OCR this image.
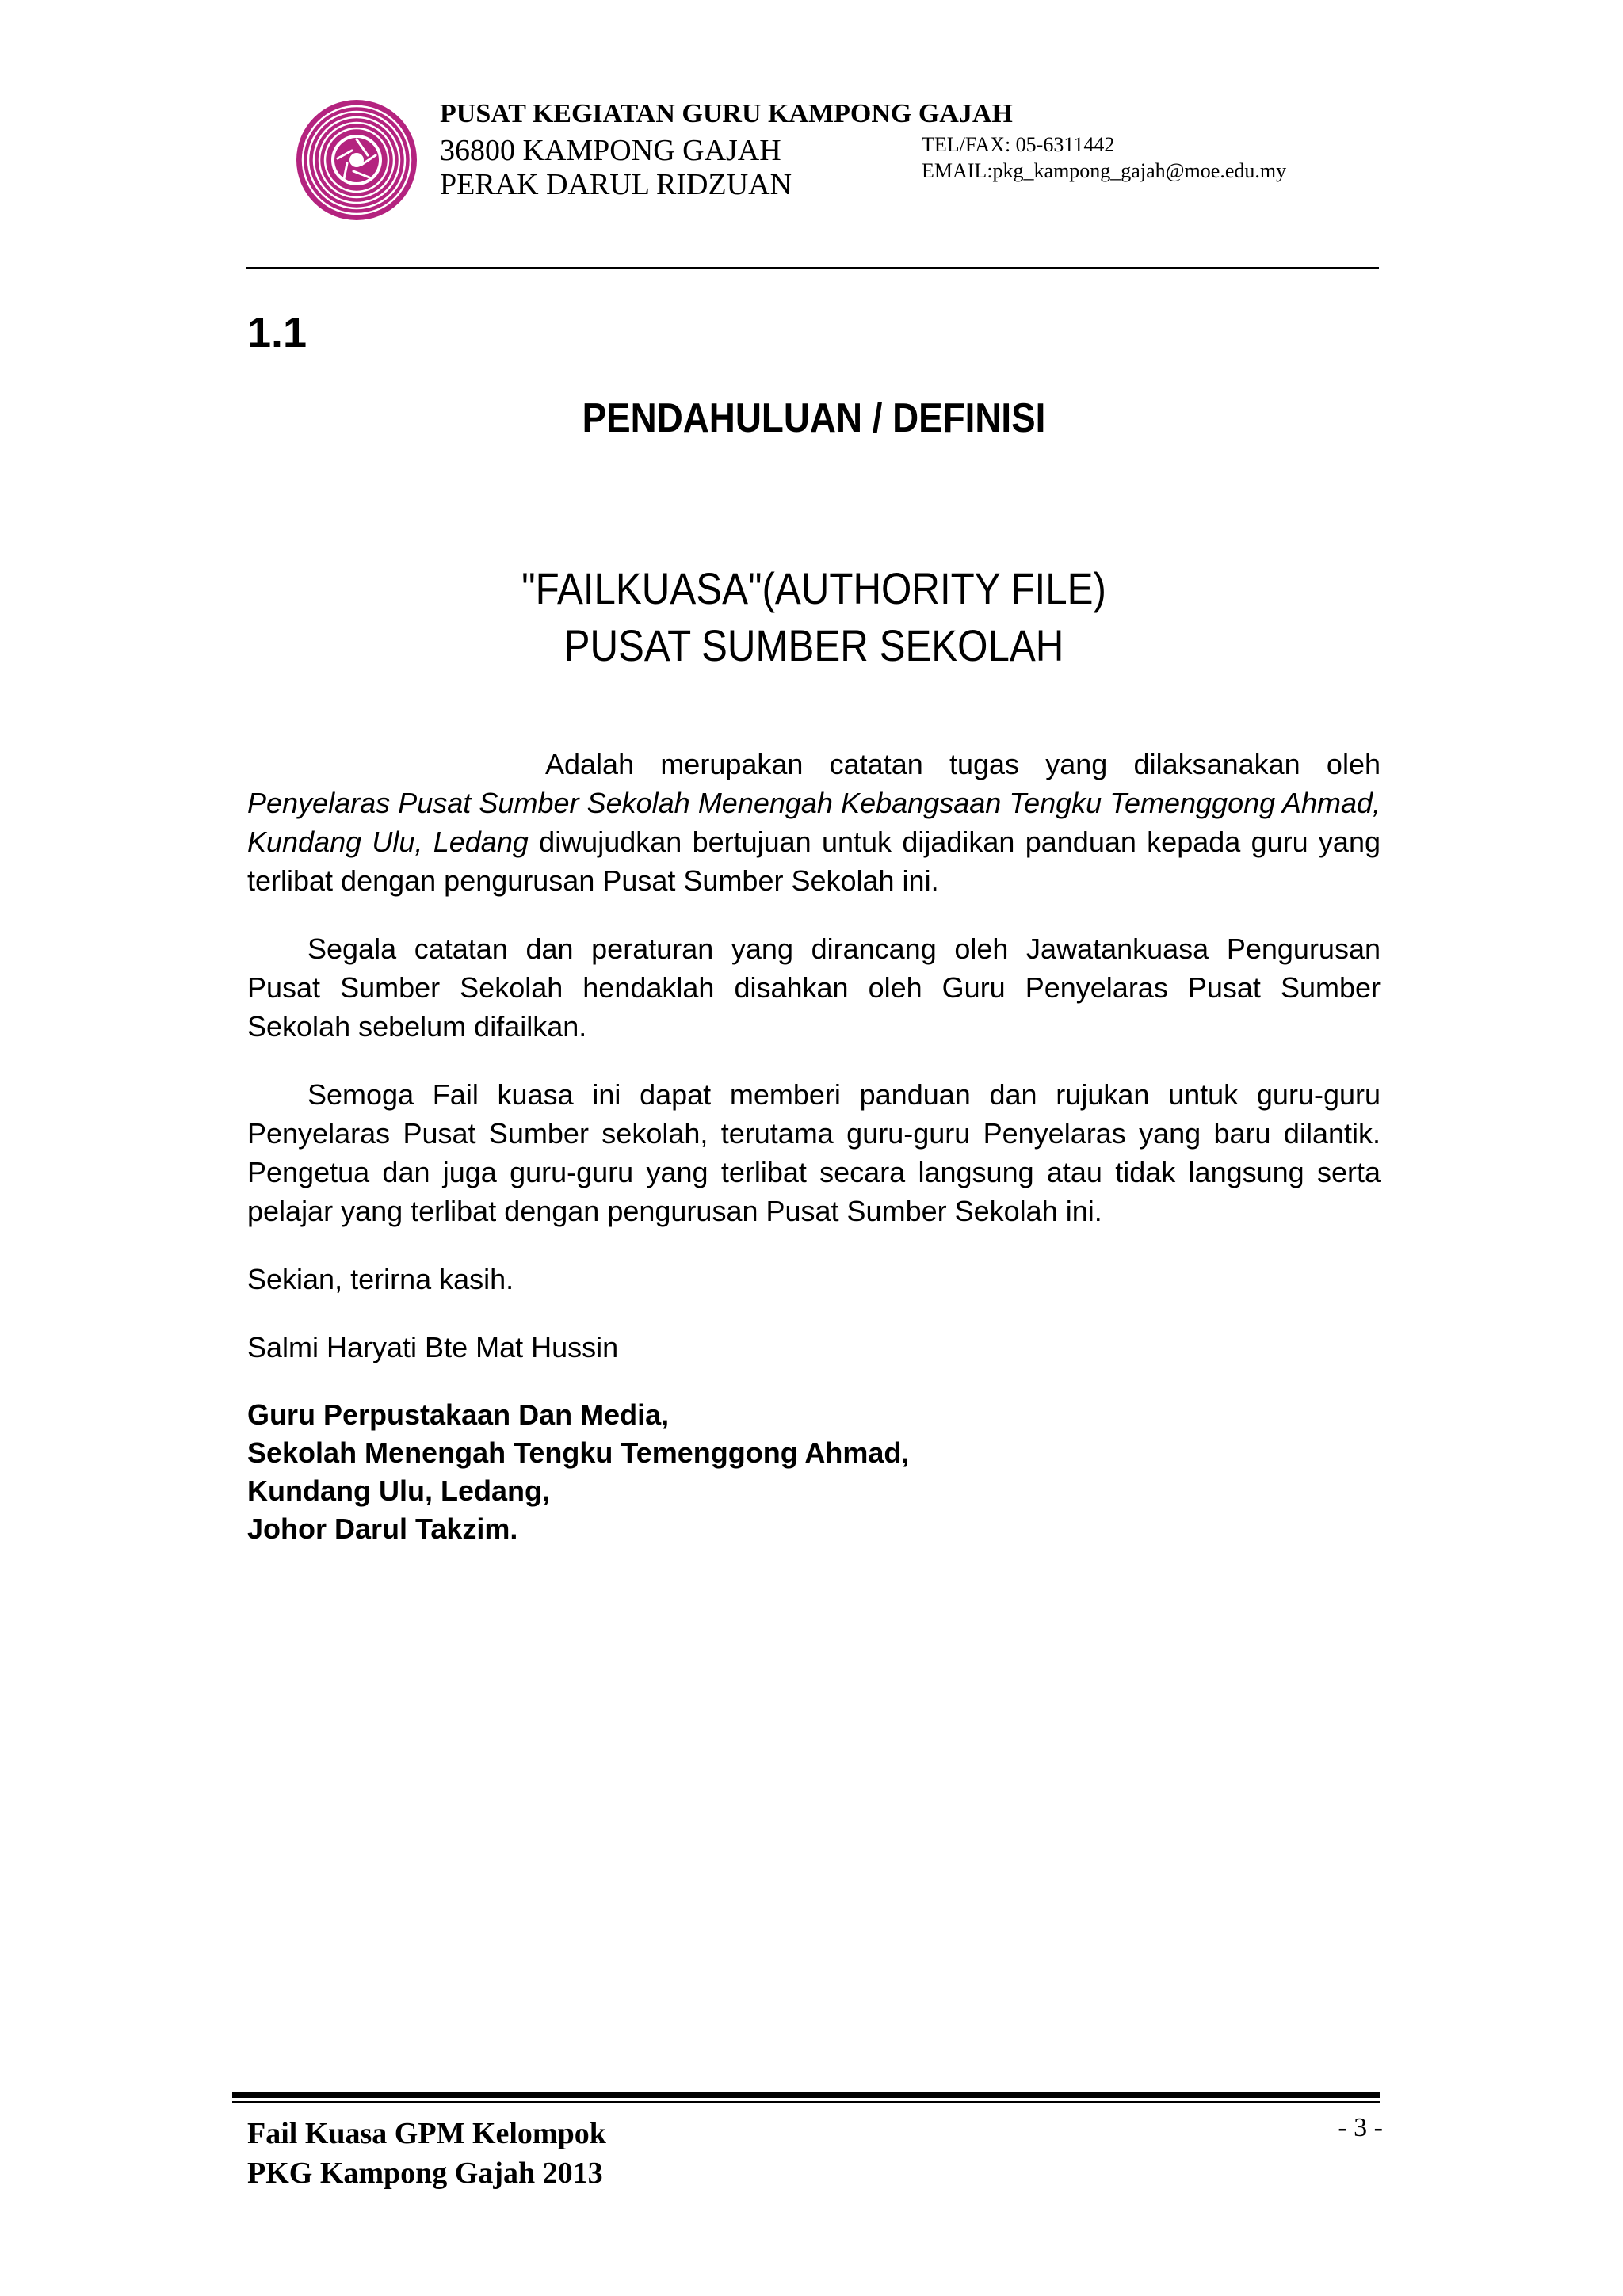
PUSAT KEGIATAN GURU KAMPONG GAJAH
36800 KAMPONG GAJAH
PERAK DARUL RIDZUAN
TEL/FAX: 05-6311442
EMAIL:pkg_kampong_gajah@moe.edu.my
1.1
PENDAHULUAN / DEFINISI
"FAILKUASA"(AUTHORITY FILE)
PUSAT SUMBER SEKOLAH

Adalah merupakan catatan tugas yang dilaksanakan oleh Penyelaras Pusat Sumber Sekolah Menengah Kebangsaan Tengku Temenggong Ahmad, Kundang Ulu, Ledang diwujudkan bertujuan untuk dijadikan panduan kepada guru yang terlibat dengan pengurusan Pusat Sumber Sekolah ini.

Segala catatan dan peraturan yang dirancang oleh Jawatankuasa Pengurusan Pusat Sumber Sekolah hendaklah disahkan oleh Guru Penyelaras Pusat Sumber Sekolah sebelum difailkan.

Semoga Fail kuasa ini dapat memberi panduan dan rujukan untuk guru-guru Penyelaras Pusat Sumber sekolah, terutama guru-guru Penyelaras yang baru dilantik. Pengetua dan juga guru-guru yang terlibat secara langsung atau tidak langsung serta pelajar yang terlibat dengan pengurusan Pusat Sumber Sekolah ini.

Sekian, terirna kasih.

Salmi Haryati Bte Mat Hussin

Guru Perpustakaan Dan Media,
Sekolah Menengah Tengku Temenggong Ahmad,
Kundang Ulu, Ledang,
Johor Darul Takzim.
Fail Kuasa GPM Kelompok
PKG Kampong Gajah 2013
- 3 -
